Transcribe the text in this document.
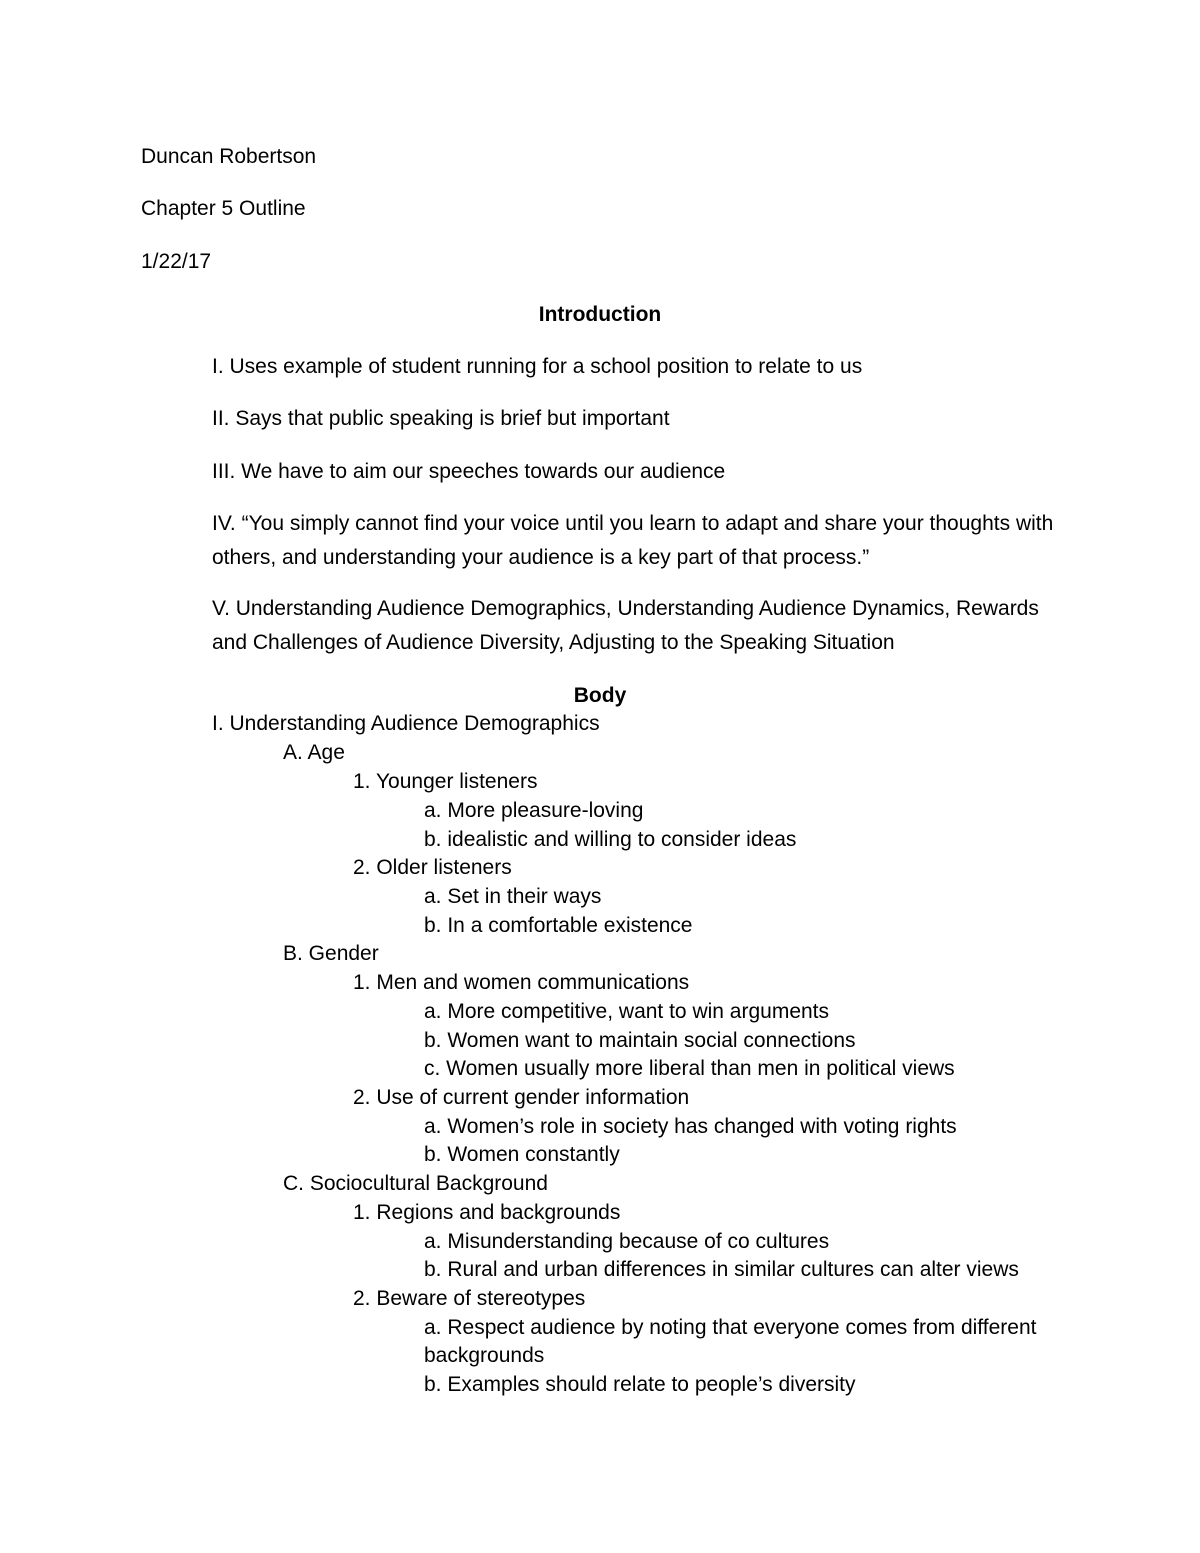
Duncan Robertson
Chapter 5 Outline
1/22/17
Introduction
I. Uses example of student running for a school position to relate to us
II. Says that public speaking is brief but important
III. We have to aim our speeches towards our audience
IV. “You simply cannot find your voice until you learn to adapt and share your thoughts with others, and understanding your audience is a key part of that process.”
V. Understanding Audience Demographics, Understanding Audience Dynamics, Rewards and Challenges of Audience Diversity, Adjusting to the Speaking Situation
Body
I. Understanding Audience Demographics
A. Age
1. Younger listeners
a. More pleasure-loving
b. idealistic and willing to consider ideas
2. Older listeners
a. Set in their ways
b. In a comfortable existence
B. Gender
1. Men and women communications
a. More competitive, want to win arguments
b. Women want to maintain social connections
c. Women usually more liberal than men in political views
2. Use of current gender information
a. Women’s role in society has changed with voting rights
b. Women constantly
C. Sociocultural Background
1. Regions and backgrounds
a. Misunderstanding because of co cultures
b. Rural and urban differences in similar cultures can alter views
2. Beware of stereotypes
a. Respect audience by noting that everyone comes from different backgrounds
b. Examples should relate to people’s diversity
